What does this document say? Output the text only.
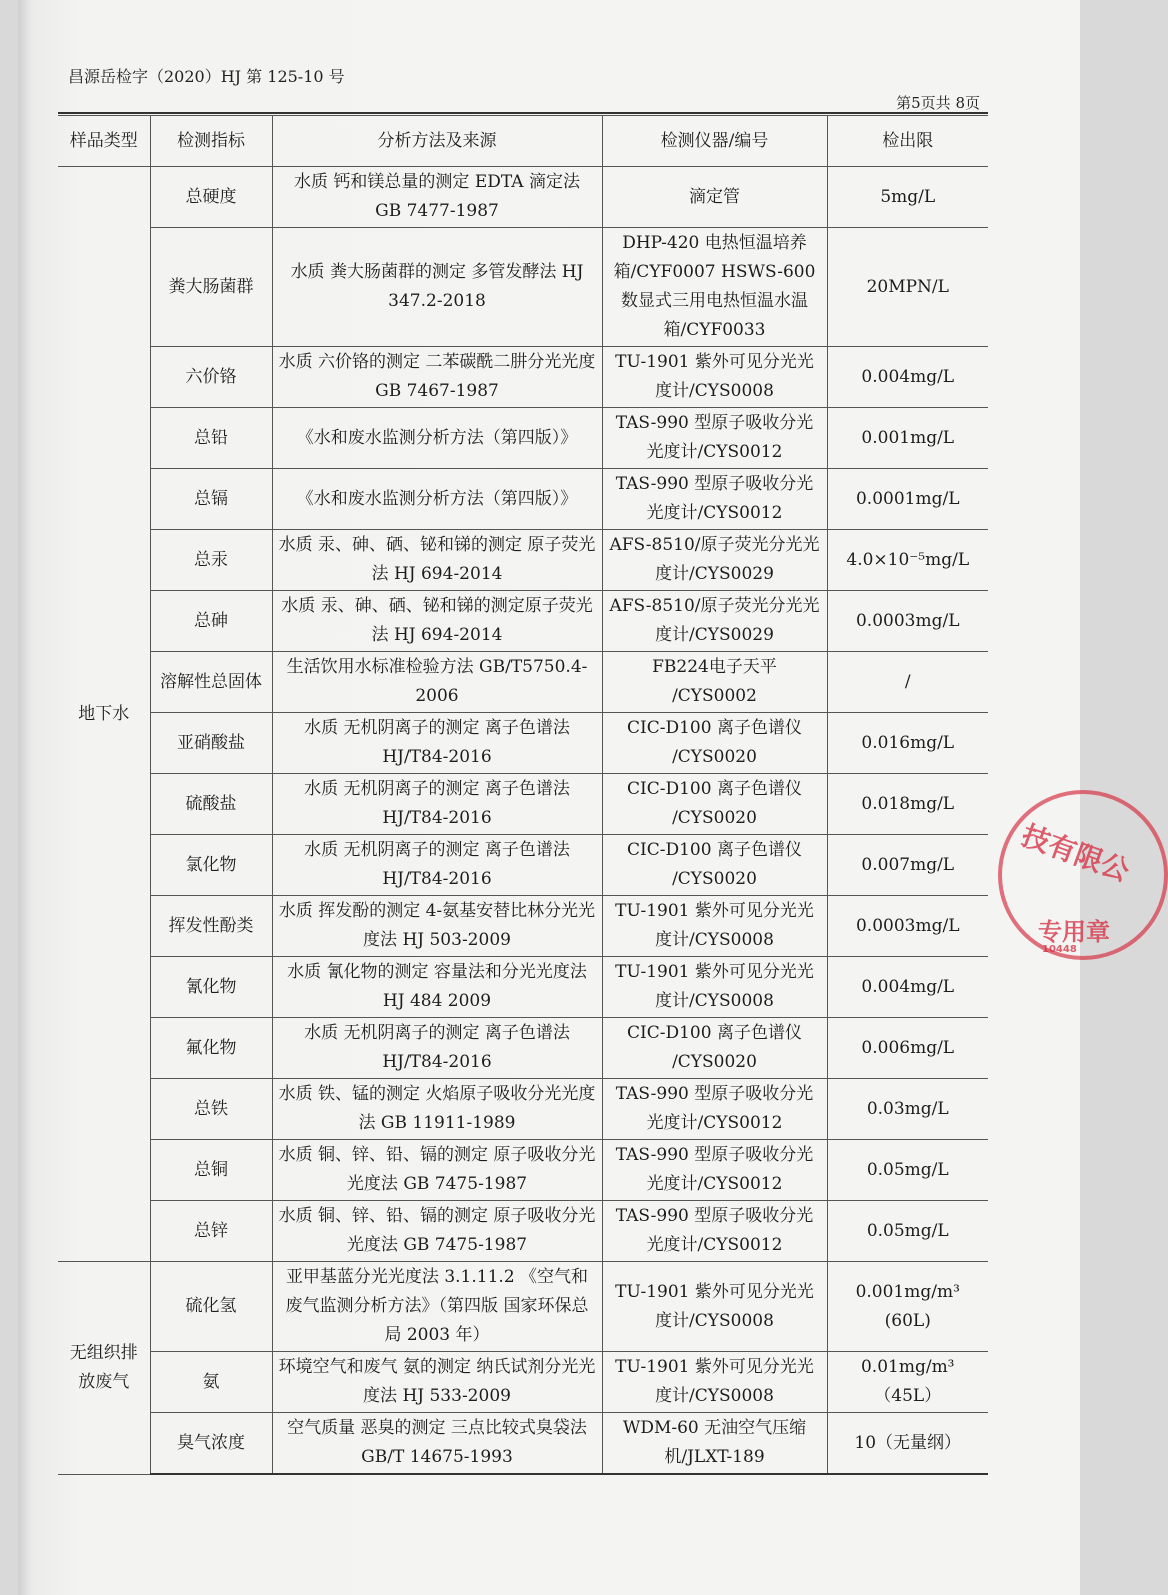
昌源岳检字（2020）HJ 第 125-10 号
第5页共 8页
样品类型	检测指标	分析方法及来源	检测仪器/编号	检出限
地下水	总硬度	水质 钙和镁总量的测定 EDTA 滴定法 GB 7477-1987	滴定管	5mg/L
	粪大肠菌群	水质 粪大肠菌群的测定 多管发酵法 HJ 347.2-2018	DHP-420 电热恒温培养箱/CYF0007 HSWS-600 数显式三用电热恒温水温箱/CYF0033	20MPN/L
	六价铬	水质 六价铬的测定 二苯碳酰二肼分光光度 GB 7467-1987	TU-1901 紫外可见分光光度计/CYS0008	0.004mg/L
	总铅	《水和废水监测分析方法（第四版）》	TAS-990 型原子吸收分光光度计/CYS0012	0.001mg/L
	总镉	《水和废水监测分析方法（第四版）》	TAS-990 型原子吸收分光光度计/CYS0012	0.0001mg/L
	总汞	水质 汞、砷、硒、铋和锑的测定 原子荧光法 HJ 694-2014	AFS-8510/原子荧光分光光度计/CYS0029	4.0×10⁻⁵mg/L
	总砷	水质 汞、砷、硒、铋和锑的测定原子荧光法 HJ 694-2014	AFS-8510/原子荧光分光光度计/CYS0029	0.0003mg/L
	溶解性总固体	生活饮用水标准检验方法 GB/T5750.4-2006	FB224电子天平 /CYS0002	/
	亚硝酸盐	水质 无机阴离子的测定 离子色谱法 HJ/T84-2016	CIC-D100 离子色谱仪 /CYS0020	0.016mg/L
	硫酸盐	水质 无机阴离子的测定 离子色谱法 HJ/T84-2016	CIC-D100 离子色谱仪 /CYS0020	0.018mg/L
	氯化物	水质 无机阴离子的测定 离子色谱法 HJ/T84-2016	CIC-D100 离子色谱仪 /CYS0020	0.007mg/L
	挥发性酚类	水质 挥发酚的测定 4-氨基安替比林分光光度法 HJ 503-2009	TU-1901 紫外可见分光光度计/CYS0008	0.0003mg/L
	氰化物	水质 氰化物的测定 容量法和分光光度法 HJ 484 2009	TU-1901 紫外可见分光光度计/CYS0008	0.004mg/L
	氟化物	水质 无机阴离子的测定 离子色谱法 HJ/T84-2016	CIC-D100 离子色谱仪 /CYS0020	0.006mg/L
	总铁	水质 铁、锰的测定 火焰原子吸收分光光度法 GB 11911-1989	TAS-990 型原子吸收分光光度计/CYS0012	0.03mg/L
	总铜	水质 铜、锌、铅、镉的测定 原子吸收分光光度法 GB 7475-1987	TAS-990 型原子吸收分光光度计/CYS0012	0.05mg/L
	总锌	水质 铜、锌、铅、镉的测定 原子吸收分光光度法 GB 7475-1987	TAS-990 型原子吸收分光光度计/CYS0012	0.05mg/L
无组织排放废气	硫化氢	亚甲基蓝分光光度法 3.1.11.2 《空气和废气监测分析方法》（第四版 国家环保总局 2003 年）	TU-1901 紫外可见分光光度计/CYS0008	0.001mg/m³ (60L)
	氨	环境空气和废气 氨的测定 纳氏试剂分光光度法 HJ 533-2009	TU-1901 紫外可见分光光度计/CYS0008	0.01mg/m³ （45L）
	臭气浓度	空气质量 恶臭的测定 三点比较式臭袋法 GB/T 14675-1993	WDM-60 无油空气压缩机/JLXT-189	10（无量纲）
技有限公
专用章
10448
